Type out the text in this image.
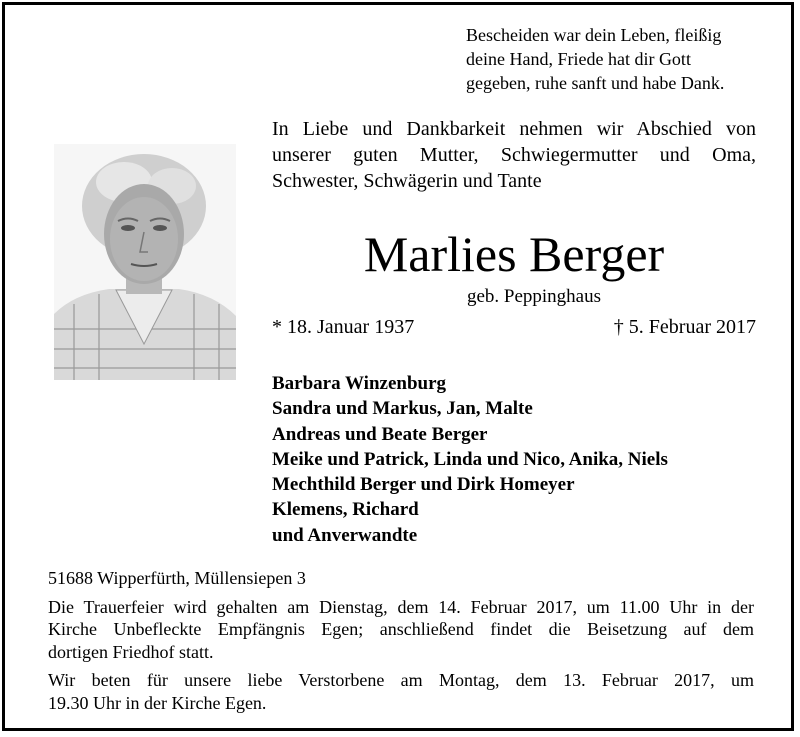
Bescheiden war dein Leben, fleißig
deine Hand, Friede hat dir Gott
gegeben, ruhe sanft und habe Dank.
In Liebe und Dankbarkeit nehmen wir Abschied von
unserer guten Mutter, Schwiegermutter und Oma,
Schwester, Schwägerin und Tante
Marlies Berger
geb. Peppinghaus
* 18. Januar 1937	† 5. Februar 2017
Barbara Winzenburg
Sandra und Markus, Jan, Malte
Andreas und Beate Berger
Meike und Patrick, Linda und Nico, Anika, Niels
Mechthild Berger und Dirk Homeyer
Klemens, Richard
und Anverwandte
51688 Wipperfürth, Müllensiepen 3
Die Trauerfeier wird gehalten am Dienstag, dem 14. Februar 2017, um 11.00 Uhr in der
Kirche Unbefleckte Empfängnis Egen; anschließend findet die Beisetzung auf dem
dortigen Friedhof statt.
Wir beten für unsere liebe Verstorbene am Montag, dem 13. Februar 2017, um
19.30 Uhr in der Kirche Egen.
